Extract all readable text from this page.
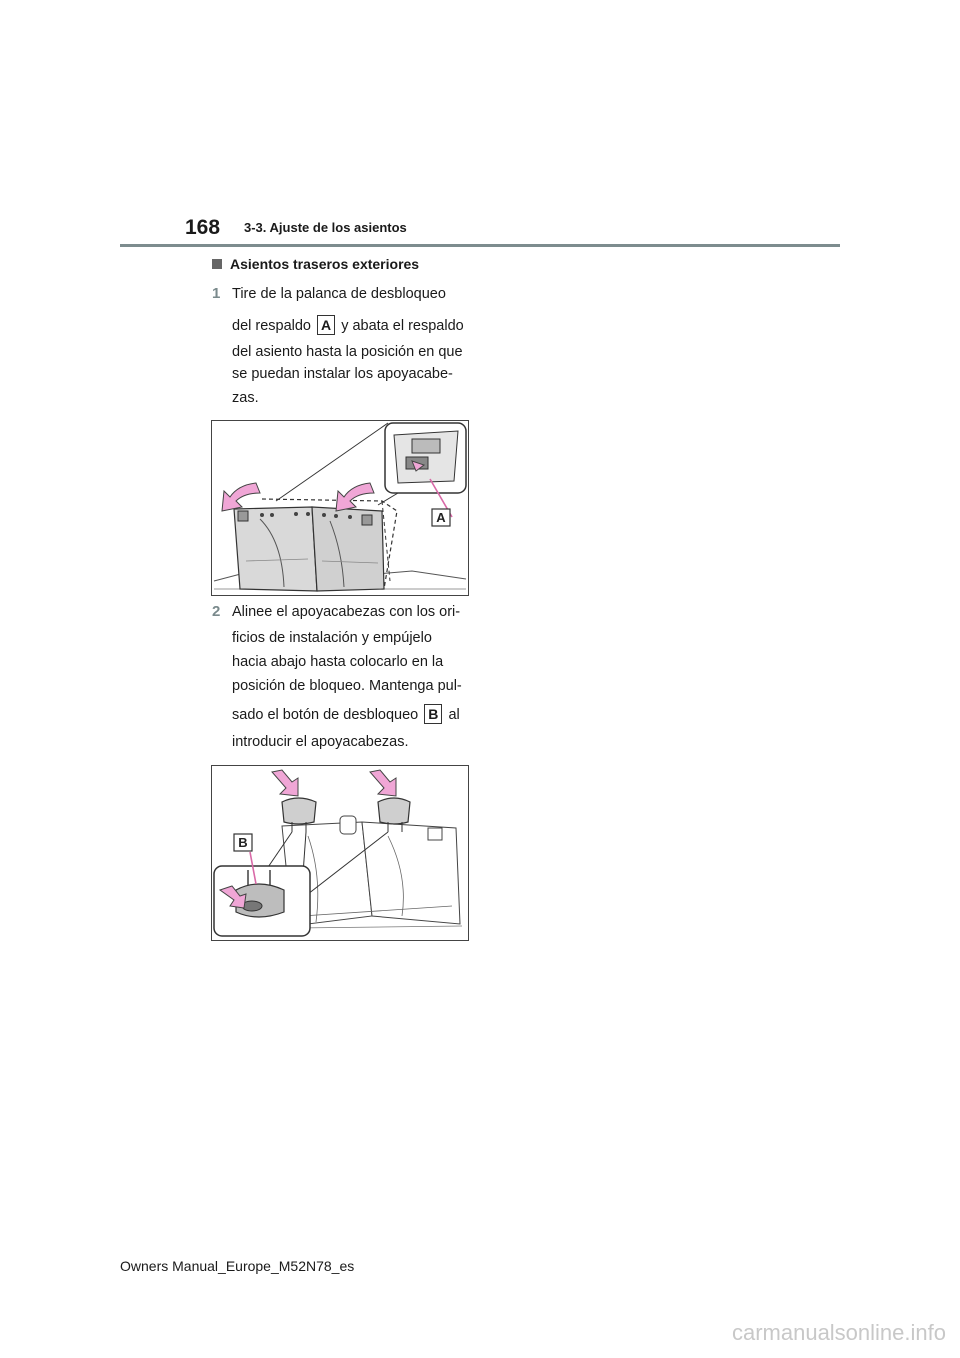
168 3-3. Ajuste de los asientos
Asientos traseros exteriores
1 Tire de la palanca de desbloqueo
del respaldo A y abata el respaldo
del asiento hasta la posición en que
se puedan instalar los apoyacabe-
zas.
A
2 Alinee el apoyacabezas con los ori-
ficios de instalación y empújelo
hacia abajo hasta colocarlo en la
posición de bloqueo. Mantenga pul-
sado el botón de desbloqueo B al
introducir el apoyacabezas.
B
Owners Manual_Europe_M52N78_es
carmanualsonline.info
